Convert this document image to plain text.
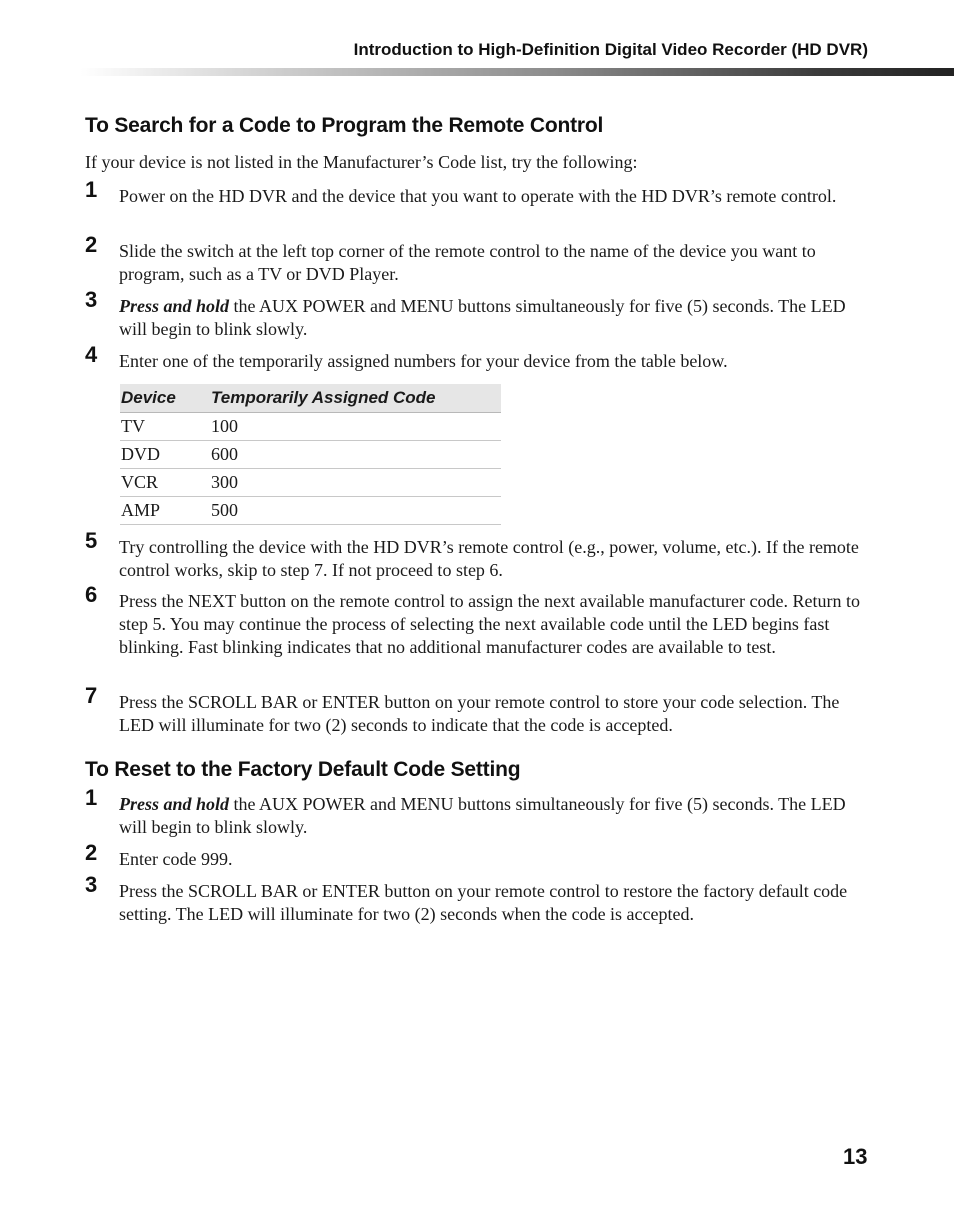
Introduction to High-Definition Digital Video Recorder (HD DVR)
To Search for a Code to Program the Remote Control
If your device is not listed in the Manufacturer’s Code list, try the following:
1 Power on the HD DVR and the device that you want to operate with the HD DVR’s remote control.
2 Slide the switch at the left top corner of the remote control to the name of the device you want to program, such as a TV or DVD Player.
3 Press and hold the AUX POWER and MENU buttons simultaneously for five (5) seconds. The LED will begin to blink slowly.
4 Enter one of the temporarily assigned numbers for your device from the table below.
Device	Temporarily Assigned Code
TV	100
DVD	600
VCR	300
AMP	500
5 Try controlling the device with the HD DVR’s remote control (e.g., power, volume, etc.). If the remote control works, skip to step 7. If not proceed to step 6.
6 Press the NEXT button on the remote control to assign the next available manufacturer code. Return to step 5. You may continue the process of selecting the next available code until the LED begins fast blinking. Fast blinking indicates that no additional manufacturer codes are available to test.
7 Press the SCROLL BAR or ENTER button on your remote control to store your code selection. The LED will illuminate for two (2) seconds to indicate that the code is accepted.
To Reset to the Factory Default Code Setting
1 Press and hold the AUX POWER and MENU buttons simultaneously for five (5) seconds. The LED will begin to blink slowly.
2 Enter code 999.
3 Press the SCROLL BAR or ENTER button on your remote control to restore the factory default code setting. The LED will illuminate for two (2) seconds when the code is accepted.
13
